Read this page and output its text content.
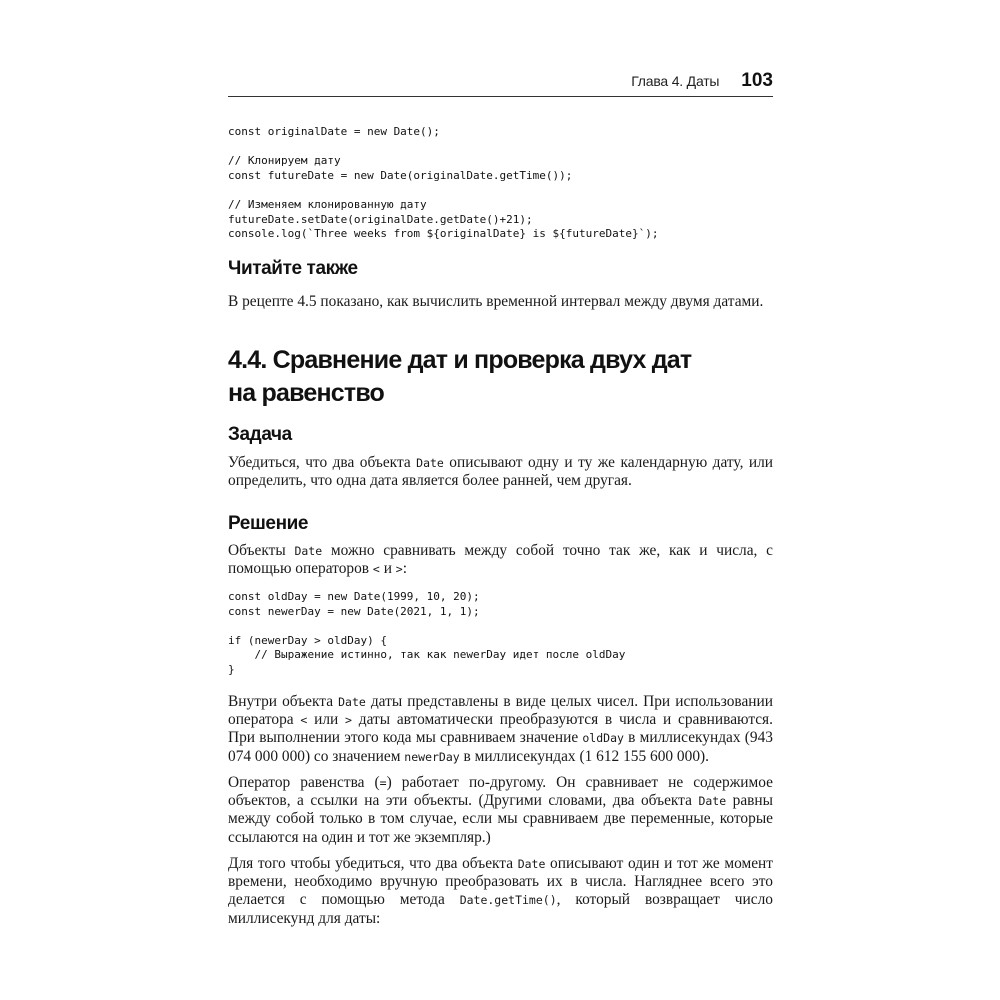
Глава 4. Даты 103
const originalDate = new Date();
// Клонируем дату
const futureDate = new Date(originalDate.getTime());
// Изменяем клонированную дату
futureDate.setDate(originalDate.getDate()+21);
console.log(`Three weeks from ${originalDate} is ${futureDate}`);
Читайте также

В рецепте 4.5 показано, как вычислить временной интервал между двумя датами.

4.4. Сравнение дат и проверка двух дат
на равенство
Задача

Убедиться, что два объекта Date описывают одну и ту же календарную дату, или определить, что одна дата является более ранней, чем другая.

Решение

Объекты Date можно сравнивать между собой точно так же, как и числа, с помощью операторов < и >:

const oldDay = new Date(1999, 10, 20);
const newerDay = new Date(2021, 1, 1);
if (newerDay > oldDay) {
// Выражение истинно, так как newerDay идет после oldDay
}

Внутри объекта Date даты представлены в виде целых чисел. При использовании оператора < или > даты автоматически преобразуются в числа и сравниваются. При выполнении этого кода мы сравниваем значение oldDay в миллисекундах (943 074 000 000) со значением newerDay в миллисекундах (1 612 155 600 000).

Оператор равенства (=) работает по-другому. Он сравнивает не содержимое объектов, а ссылки на эти объекты. (Другими словами, два объекта Date равны между собой только в том случае, если мы сравниваем две переменные, которые ссылаются на один и тот же экземпляр.)

Для того чтобы убедиться, что два объекта Date описывают один и тот же момент времени, необходимо вручную преобразовать их в числа. Нагляднее всего это делается с помощью метода Date.getTime(), который возвращает число миллисекунд для даты:
